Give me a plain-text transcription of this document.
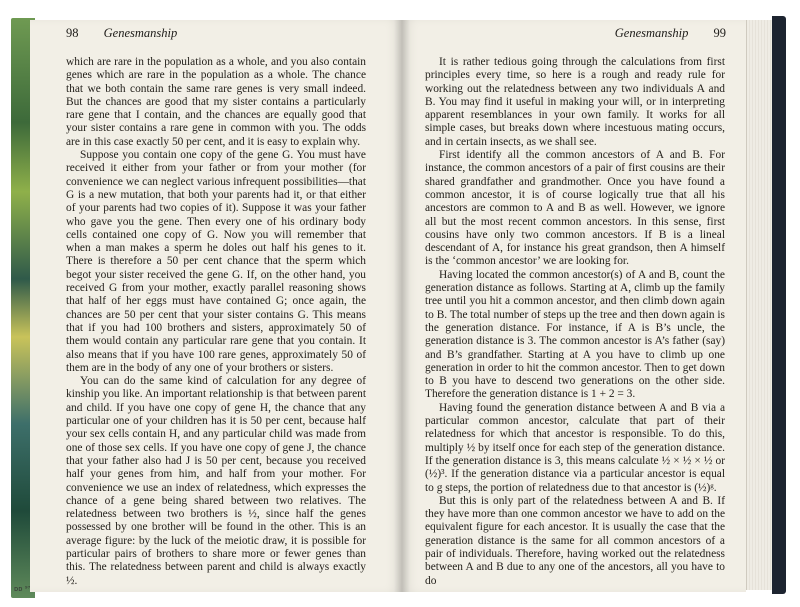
98 Genesmanship	Genesmanship 99

which are rare in the population as a whole, and you also contain genes which are rare in the population as a whole. The chance that we both contain the same rare genes is very small indeed. But the chances are good that my sister contains a particularly rare gene that I contain, and the chances are equally good that your sister contains a rare gene in common with you. The odds are in this case exactly 50 per cent, and it is easy to explain why.

Suppose you contain one copy of the gene G. You must have received it either from your father or from your mother (for convenience we can neglect various infrequent possibilities—that G is a new mutation, that both your parents had it, or that either of your parents had two copies of it). Suppose it was your father who gave you the gene. Then every one of his ordinary body cells contained one copy of G. Now you will remember that when a man makes a sperm he doles out half his genes to it. There is therefore a 50 per cent chance that the sperm which begot your sister received the gene G. If, on the other hand, you received G from your mother, exactly parallel reasoning shows that half of her eggs must have contained G; once again, the chances are 50 per cent that your sister contains G. This means that if you had 100 brothers and sisters, approximately 50 of them would contain any particular rare gene that you contain. It also means that if you have 100 rare genes, approximately 50 of them are in the body of any one of your brothers or sisters.

You can do the same kind of calculation for any degree of kinship you like. An important relationship is that between parent and child. If you have one copy of gene H, the chance that any particular one of your children has it is 50 per cent, because half your sex cells contain H, and any particular child was made from one of those sex cells. If you have one copy of gene J, the chance that your father also had J is 50 per cent, because you received half your genes from him, and half from your mother. For convenience we use an index of relatedness, which expresses the chance of a gene being shared between two relatives. The relatedness between two brothers is ½, since half the genes possessed by one brother will be found in the other. This is an average figure: by the luck of the meiotic draw, it is possible for particular pairs of brothers to share more or fewer genes than this. The relatedness between parent and child is always exactly ½.

It is rather tedious going through the calculations from first principles every time, so here is a rough and ready rule for working out the relatedness between any two individuals A and B. You may find it useful in making your will, or in interpreting apparent resemblances in your own family. It works for all simple cases, but breaks down where incestuous mating occurs, and in certain insects, as we shall see.

First identify all the common ancestors of A and B. For instance, the common ancestors of a pair of first cousins are their shared grandfather and grandmother. Once you have found a common ancestor, it is of course logically true that all his ancestors are common to A and B as well. However, we ignore all but the most recent common ancestors. In this sense, first cousins have only two common ancestors. If B is a lineal descendant of A, for instance his great grandson, then A himself is the ‘common ancestor’ we are looking for.

Having located the common ancestor(s) of A and B, count the generation distance as follows. Starting at A, climb up the family tree until you hit a common ancestor, and then climb down again to B. The total number of steps up the tree and then down again is the generation distance. For instance, if A is B’s uncle, the generation distance is 3. The common ancestor is A’s father (say) and B’s grandfather. Starting at A you have to climb up one generation in order to hit the common ancestor. Then to get down to B you have to descend two generations on the other side. Therefore the generation distance is 1 + 2 = 3.

Having found the generation distance between A and B via a particular common ancestor, calculate that part of their relatedness for which that ancestor is responsible. To do this, multiply ½ by itself once for each step of the generation distance. If the generation distance is 3, this means calculate ½ × ½ × ½ or (½)³. If the generation distance via a particular ancestor is equal to g steps, the portion of relatedness due to that ancestor is (½)ᵍ.

But this is only part of the relatedness between A and B. If they have more than one common ancestor we have to add on the equivalent figure for each ancestor. It is usually the case that the generation distance is the same for all common ancestors of a pair of individuals. Therefore, having worked out the relatedness between A and B due to any one of the ancestors, all you have to do

ᴅᴅ ⁹⁷
